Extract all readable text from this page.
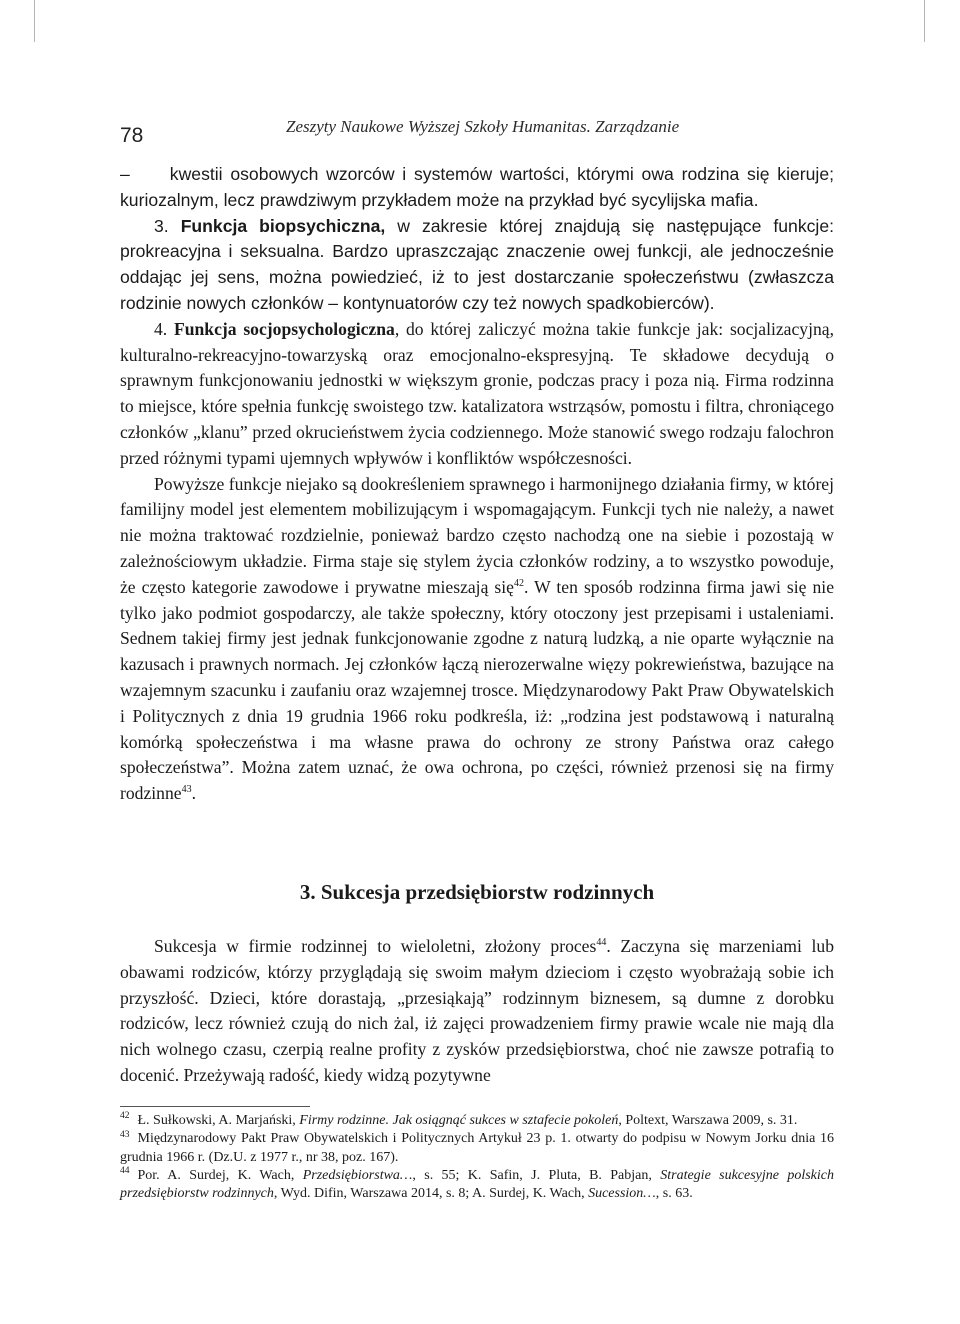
78	Zeszyty Naukowe Wyższej Szkoły Humanitas. Zarządzanie

– kwestii osobowych wzorców i systemów wartości, którymi owa rodzina się kieruje; kuriozalnym, lecz prawdziwym przykładem może na przykład być sycylijska mafia.

3. Funkcja biopsychiczna, w zakresie której znajdują się następujące funkcje: prokreacyjna i seksualna. Bardzo upraszczając znaczenie owej funkcji, ale jednocześnie oddając jej sens, można powiedzieć, iż to jest dostarczanie społeczeństwu (zwłaszcza rodzinie nowych członków – kontynuatorów czy też nowych spadkobierców).

4. Funkcja socjopsychologiczna, do której zaliczyć można takie funkcje jak: socjalizacyjną, kulturalno-rekreacyjno-towarzyską oraz emocjonalno-ekspresyjną. Te składowe decydują o sprawnym funkcjonowaniu jednostki w większym gronie, podczas pracy i poza nią. Firma rodzinna to miejsce, które spełnia funkcję swoistego tzw. katalizatora wstrząsów, pomostu i filtra, chroniącego członków „klanu” przed okrucieństwem życia codziennego. Może stanowić swego rodzaju falochron przed różnymi typami ujemnych wpływów i konfliktów współczesności.

Powyższe funkcje niejako są dookreśleniem sprawnego i harmonijnego działania firmy, w której familijny model jest elementem mobilizującym i wspomagającym. Funkcji tych nie należy, a nawet nie można traktować rozdzielnie, ponieważ bardzo często nachodzą one na siebie i pozostają w zależnościowym układzie. Firma staje się stylem życia członków rodziny, a to wszystko powoduje, że często kategorie zawodowe i prywatne mieszają się$^{42}$. W ten sposób rodzinna firma jawi się nie tylko jako podmiot gospodarczy, ale także społeczny, który otoczony jest przepisami i ustaleniami. Sednem takiej firmy jest jednak funkcjonowanie zgodne z naturą ludzką, a nie oparte wyłącznie na kazusach i prawnych normach. Jej członków łączą nierozerwalne więzy pokrewieństwa, bazujące na wzajemnym szacunku i zaufaniu oraz wzajemnej trosce. Międzynarodowy Pakt Praw Obywatelskich i Politycznych z dnia 19 grudnia 1966 roku podkreśla, iż: „rodzina jest podstawową i naturalną komórką społeczeństwa i ma własne prawa do ochrony ze strony Państwa oraz całego społeczeństwa”. Można zatem uznać, że owa ochrona, po części, również przenosi się na firmy rodzinne$^{43}$.

3. Sukcesja przedsiębiorstw rodzinnych

Sukcesja w firmie rodzinnej to wieloletni, złożony proces$^{44}$. Zaczyna się marzeniami lub obawami rodziców, którzy przyglądają się swoim małym dzieciom i często wyobrażają sobie ich przyszłość. Dzieci, które dorastają, „przesiąkają” rodzinnym biznesem, są dumne z dorobku rodziców, lecz również czują do nich żal, iż zajęci prowadzeniem firmy prawie wcale nie mają dla nich wolnego czasu, czerpią realne profity z zysków przedsiębiorstwa, choć nie zawsze potrafią to docenić. Przeżywają radość, kiedy widzą pozytywne

$^{42}$ Ł. Sułkowski, A. Marjański, Firmy rodzinne. Jak osiągnąć sukces w sztafecie pokoleń, Poltext, Warszawa 2009, s. 31.

$^{43}$ Międzynarodowy Pakt Praw Obywatelskich i Politycznych Artykuł 23 p. 1. otwarty do podpisu w Nowym Jorku dnia 16 grudnia 1966 r. (Dz.U. z 1977 r., nr 38, poz. 167).

$^{44}$ Por. A. Surdej, K. Wach, Przedsiębiorstwa…, s. 55; K. Safin, J. Pluta, B. Pabjan, Strategie sukcesyjne polskich przedsiębiorstw rodzinnych, Wyd. Difin, Warszawa 2014, s. 8; A. Surdej, K. Wach, Sucession…, s. 63.
